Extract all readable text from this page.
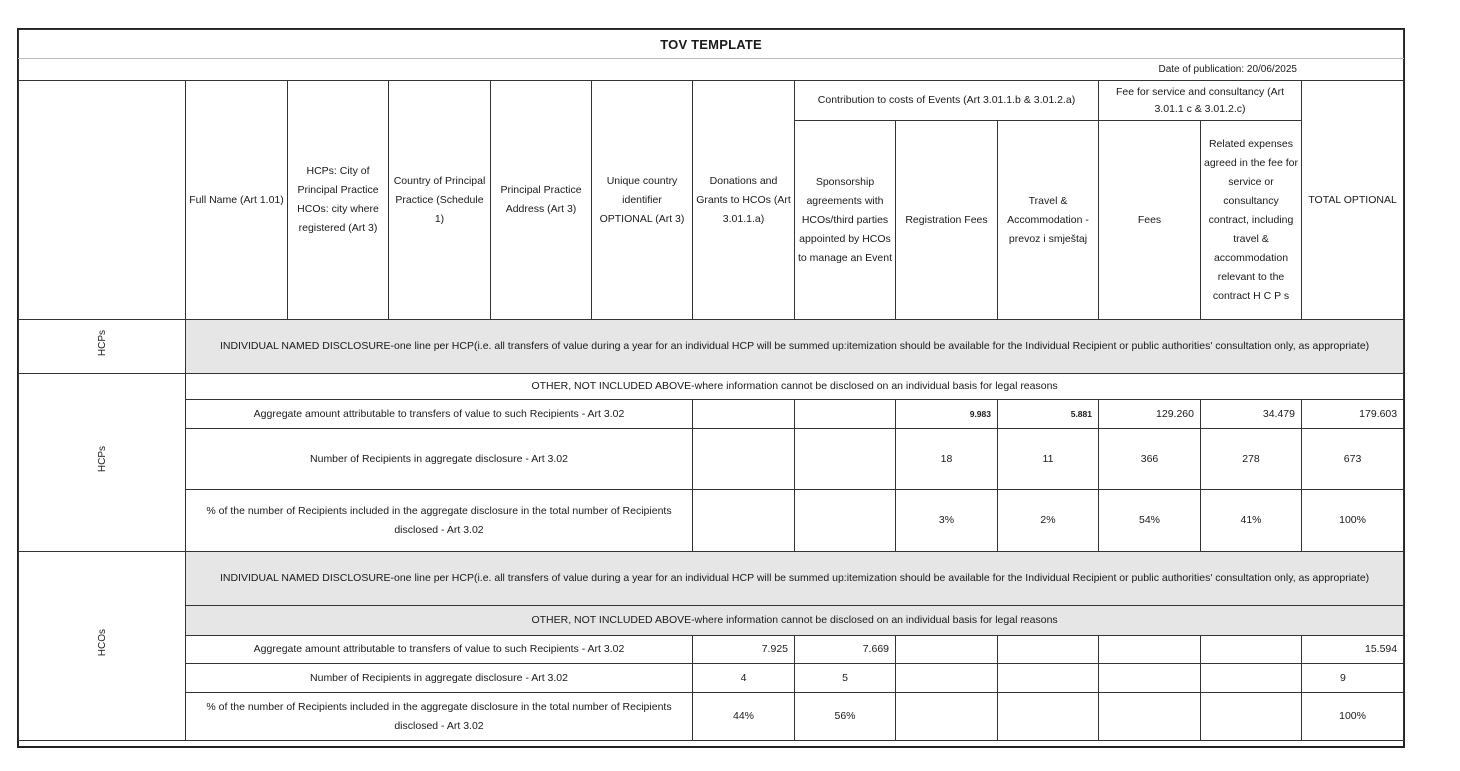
TOV TEMPLATE												
										Date of publication: 20/06/2025		
	Full Name (Art 1.01)	HCPs: City of Principal Practice HCOs: city where registered (Art 3)	Country of Principal Practice (Schedule 1)	Principal Practice Address (Art 3)	Unique country identifier OPTIONAL (Art 3)	Donations and Grants to HCOs (Art 3.01.1.a)	Contribution to costs of Events (Art 3.01.1.b & 3.01.2.a)			Fee for service and consultancy (Art 3.01.1 c & 3.01.2.c)		TOTAL OPTIONAL
							Sponsorship agreements with HCOs/third parties appointed by HCOs to manage an Event	Registration Fees	Travel & Accommodation - prevoz i smještaj	Fees	Related expenses agreed in the fee for service or consultancy contract, including travel & accommodation relevant to the contract H C P s	
HCPs	INDIVIDUAL NAMED DISCLOSURE-one line per HCP(i.e. all transfers of value during a year for an individual HCP will be summed up:itemization should be available for the Individual Recipient or public authorities' consultation only, as appropriate)											
HCPs	OTHER, NOT INCLUDED ABOVE-where information cannot be disclosed on an individual basis for legal reasons											
	Aggregate amount attributable to transfers of value to such Recipients - Art 3.02							9.983	5.881	129.260	34.479	179.603
	Number of Recipients in aggregate disclosure - Art 3.02							18	11	366	278	673
	% of the number of Recipients included in the aggregate disclosure in the total number of Recipients disclosed - Art 3.02							3%	2%	54%	41%	100%
HCOs	INDIVIDUAL NAMED DISCLOSURE-one line per HCP(i.e. all transfers of value during a year for an individual HCP will be summed up:itemization should be available for the Individual Recipient or public authorities' consultation only, as appropriate)											
	OTHER, NOT INCLUDED ABOVE-where information cannot be disclosed on an individual basis for legal reasons											
	Aggregate amount attributable to transfers of value to such Recipients - Art 3.02					7.925	7.669					15.594
	Number of Recipients in aggregate disclosure - Art 3.02					4	5					9
	% of the number of Recipients included in the aggregate disclosure in the total number of Recipients disclosed - Art 3.02					44%	56%					100%
